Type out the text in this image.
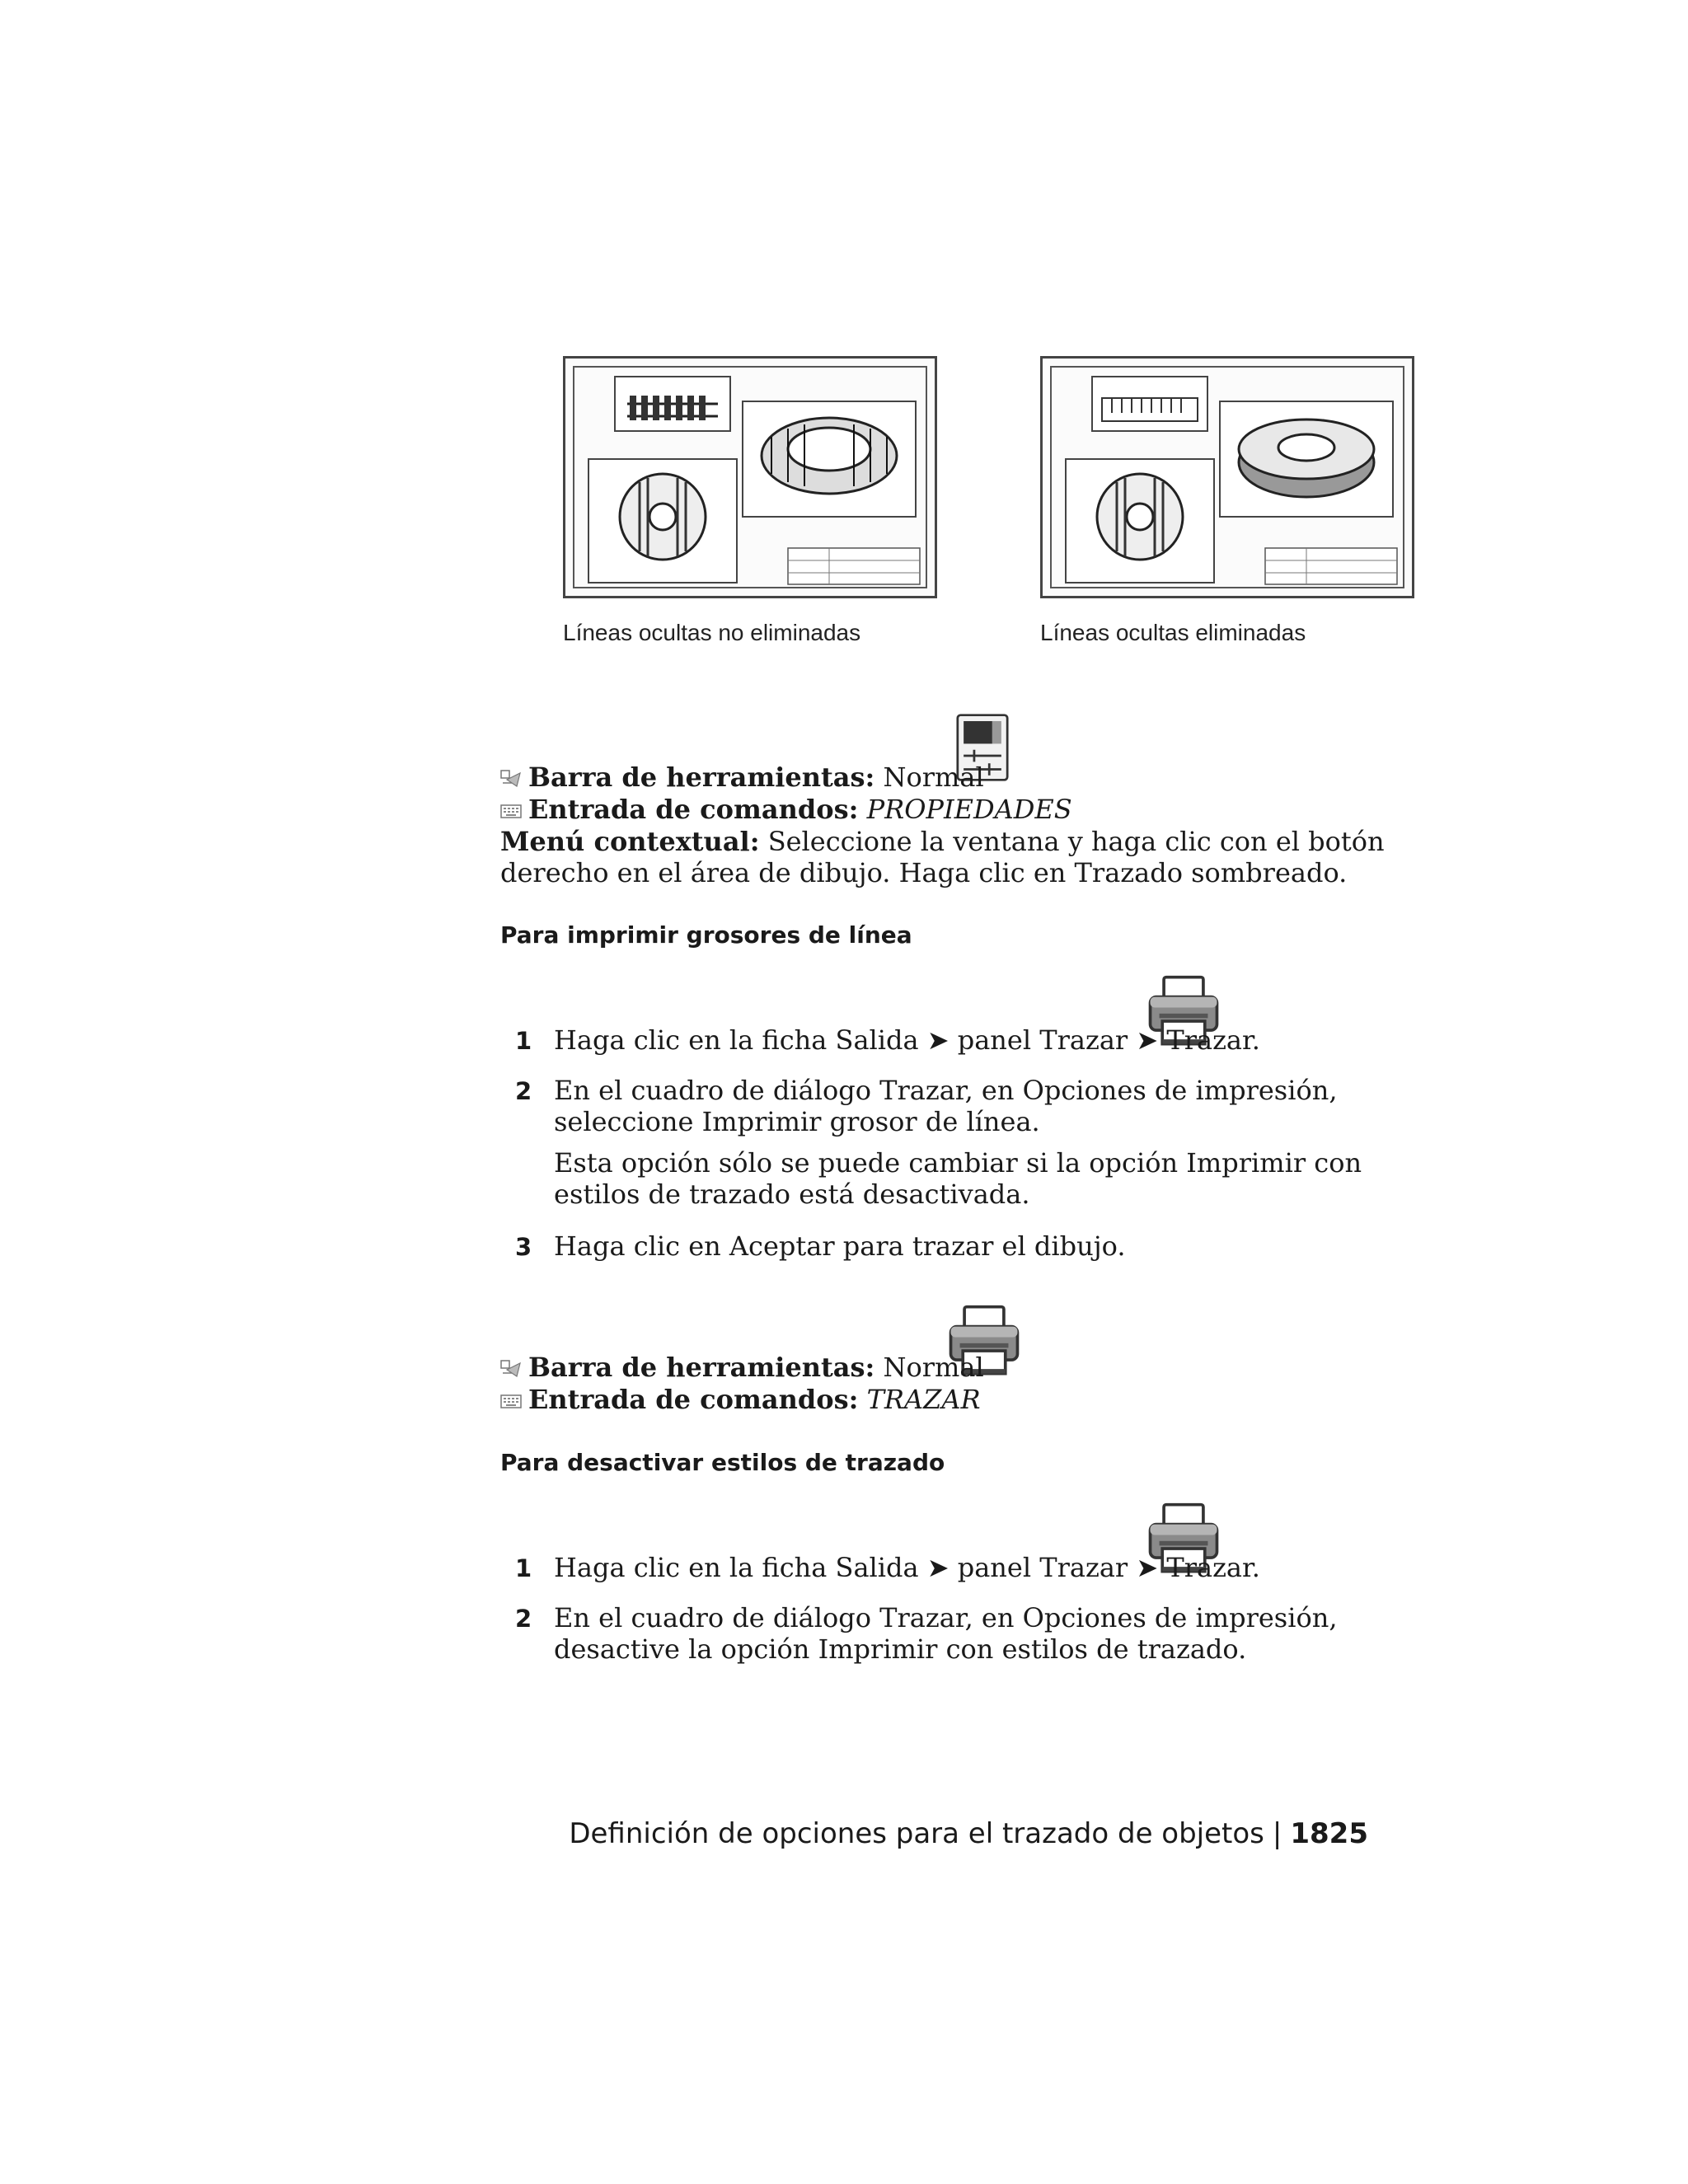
Líneas ocultas no eliminadas	Líneas ocultas eliminadas
Barra de herramientas: Normal
Entrada de comandos: PROPIEDADES
Menú contextual: Seleccione la ventana y haga clic con el botón derecho en el área de dibujo. Haga clic en Trazado sombreado.
Para imprimir grosores de línea
1 Haga clic en la ficha Salida ➤ panel Trazar ➤ Trazar.
2 En el cuadro de diálogo Trazar, en Opciones de impresión, seleccione Imprimir grosor de línea.
Esta opción sólo se puede cambiar si la opción Imprimir con estilos de trazado está desactivada.
3 Haga clic en Aceptar para trazar el dibujo.
Barra de herramientas: Normal
Entrada de comandos: TRAZAR
Para desactivar estilos de trazado
1 Haga clic en la ficha Salida ➤ panel Trazar ➤ Trazar.
2 En el cuadro de diálogo Trazar, en Opciones de impresión, desactive la opción Imprimir con estilos de trazado.
Definición de opciones para el trazado de objetos | 1825
